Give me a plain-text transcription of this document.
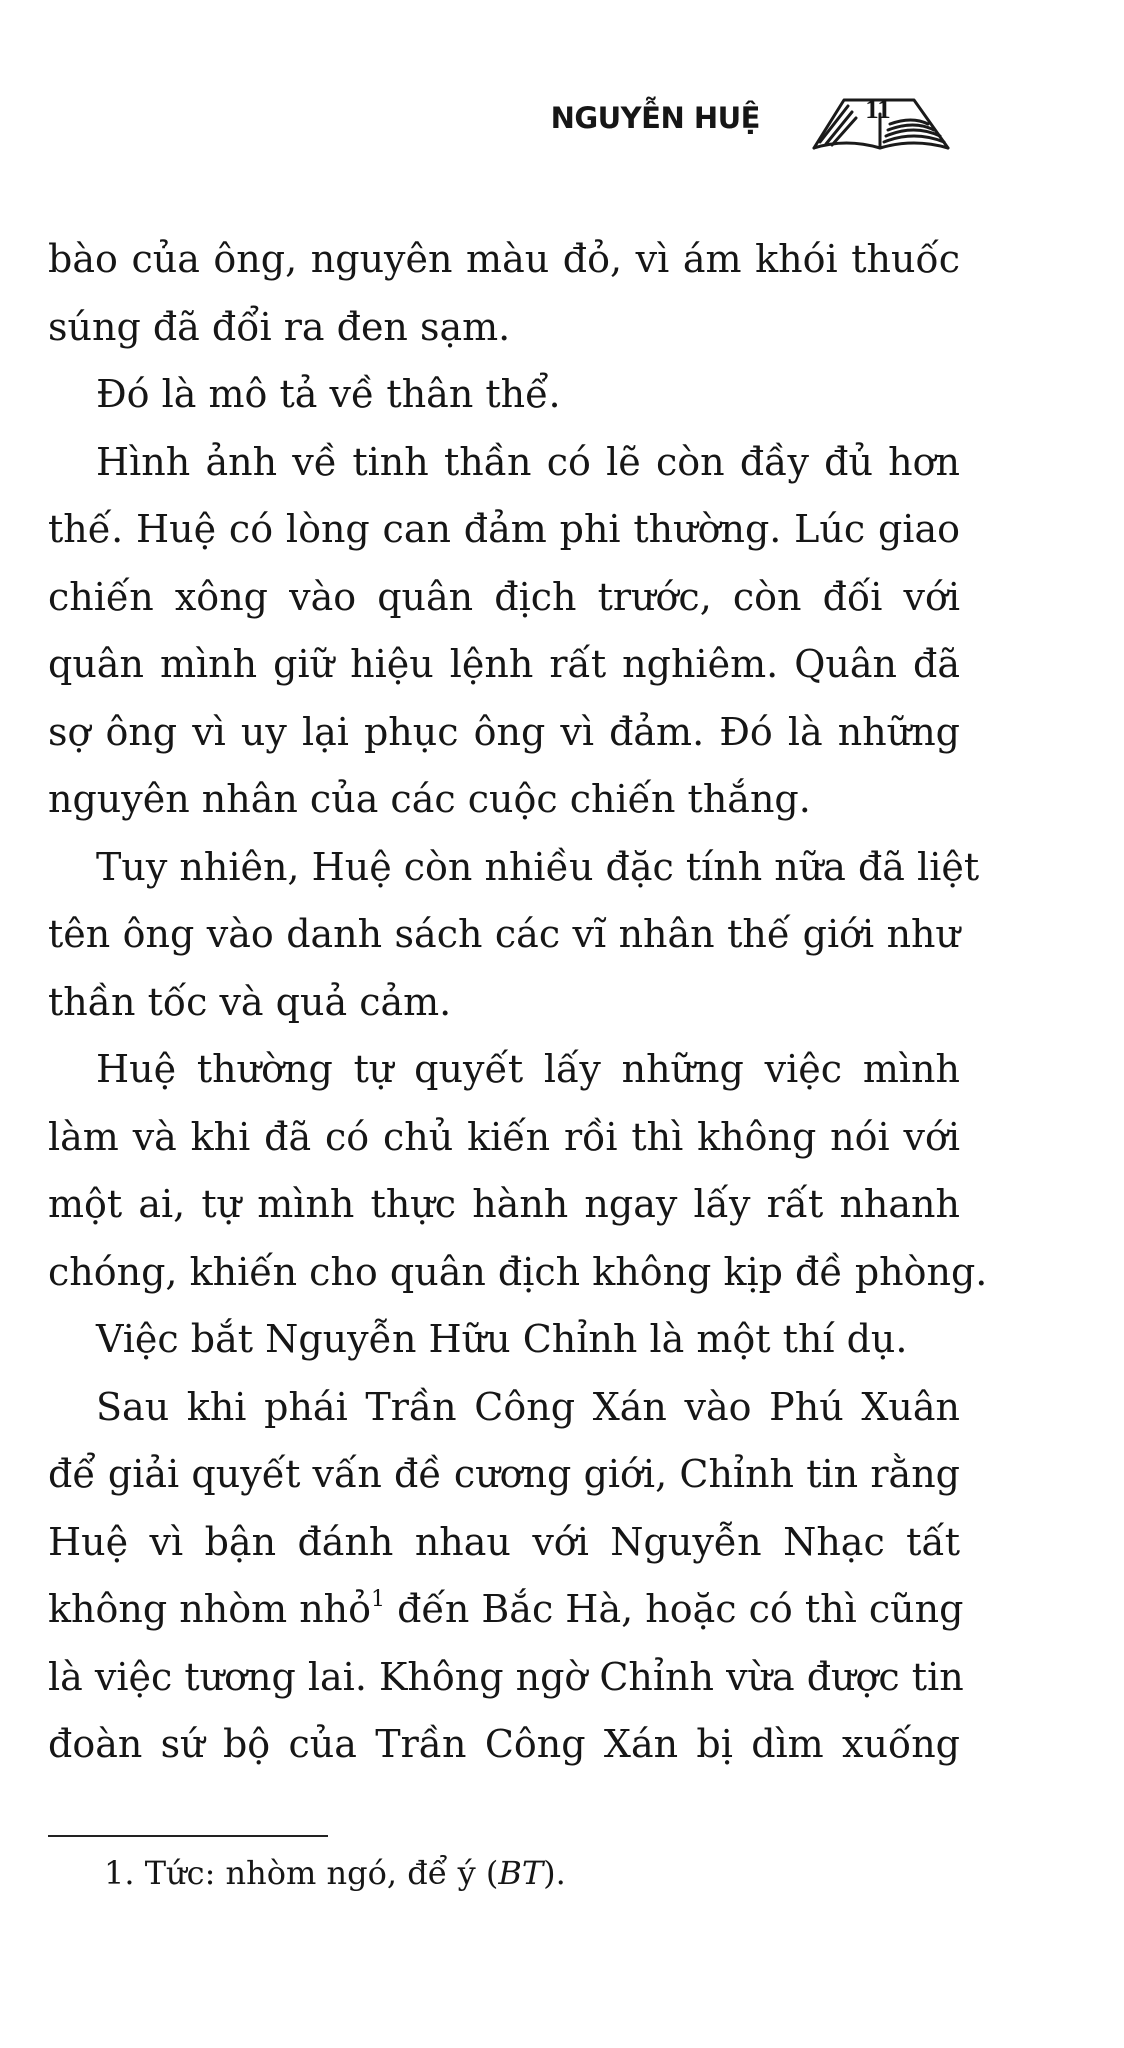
NGUYỄN HUỆ	11
bào của ông, nguyên màu đỏ, vì ám khói thuốc
súng đã đổi ra đen sạm.
Đó là mô tả về thân thể.
Hình ảnh về tinh thần có lẽ còn đầy đủ hơn
thế. Huệ có lòng can đảm phi thường. Lúc giao
chiến xông vào quân địch trước, còn đối với
quân mình giữ hiệu lệnh rất nghiêm. Quân đã
sợ ông vì uy lại phục ông vì đảm. Đó là những
nguyên nhân của các cuộc chiến thắng.
Tuy nhiên, Huệ còn nhiều đặc tính nữa đã liệt
tên ông vào danh sách các vĩ nhân thế giới như
thần tốc và quả cảm.
Huệ thường tự quyết lấy những việc mình
làm và khi đã có chủ kiến rồi thì không nói với
một ai, tự mình thực hành ngay lấy rất nhanh
chóng, khiến cho quân địch không kịp đề phòng.
Việc bắt Nguyễn Hữu Chỉnh là một thí dụ.
Sau khi phái Trần Công Xán vào Phú Xuân
để giải quyết vấn đề cương giới, Chỉnh tin rằng
Huệ vì bận đánh nhau với Nguyễn Nhạc tất
không nhòm nhỏ$^1$ đến Bắc Hà, hoặc có thì cũng
là việc tương lai. Không ngờ Chỉnh vừa được tin
đoàn sứ bộ của Trần Công Xán bị dìm xuống
1. Tức: nhòm ngó, để ý (BT).
